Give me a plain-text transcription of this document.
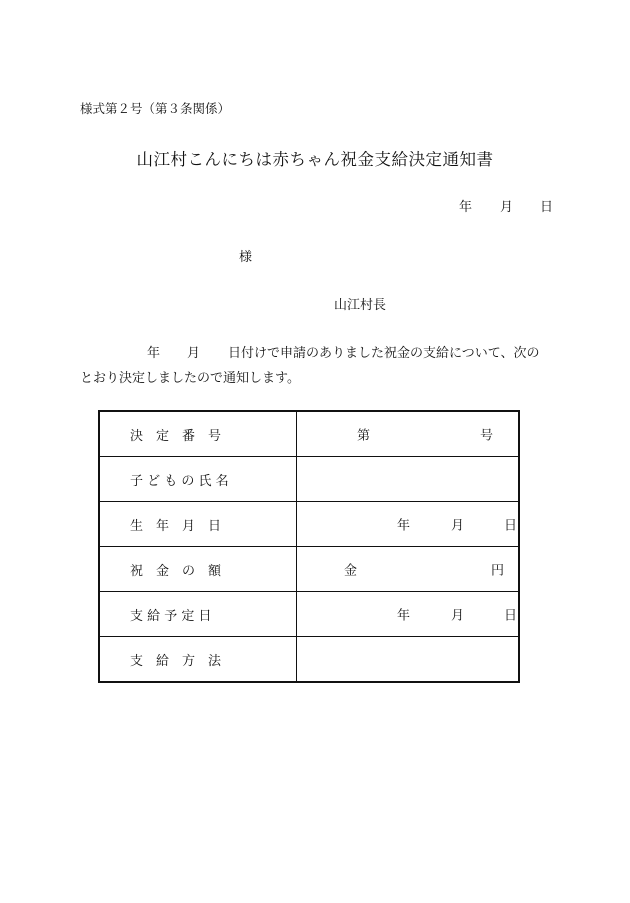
様式第２号（第３条関係）
山江村こんにちは赤ちゃん祝金支給決定通知書
年 月 日
様
山江村長
年 月 日付けで申請のありました祝金の支給について、次の
とおり決定しましたので通知します。
決　定　番　号	第 号

子 ど も の 氏 名	
生　年　月　日	年 月 日

祝　金　の　額	金 円

支 給 予 定 日	年 月 日

支　給　方　法	
